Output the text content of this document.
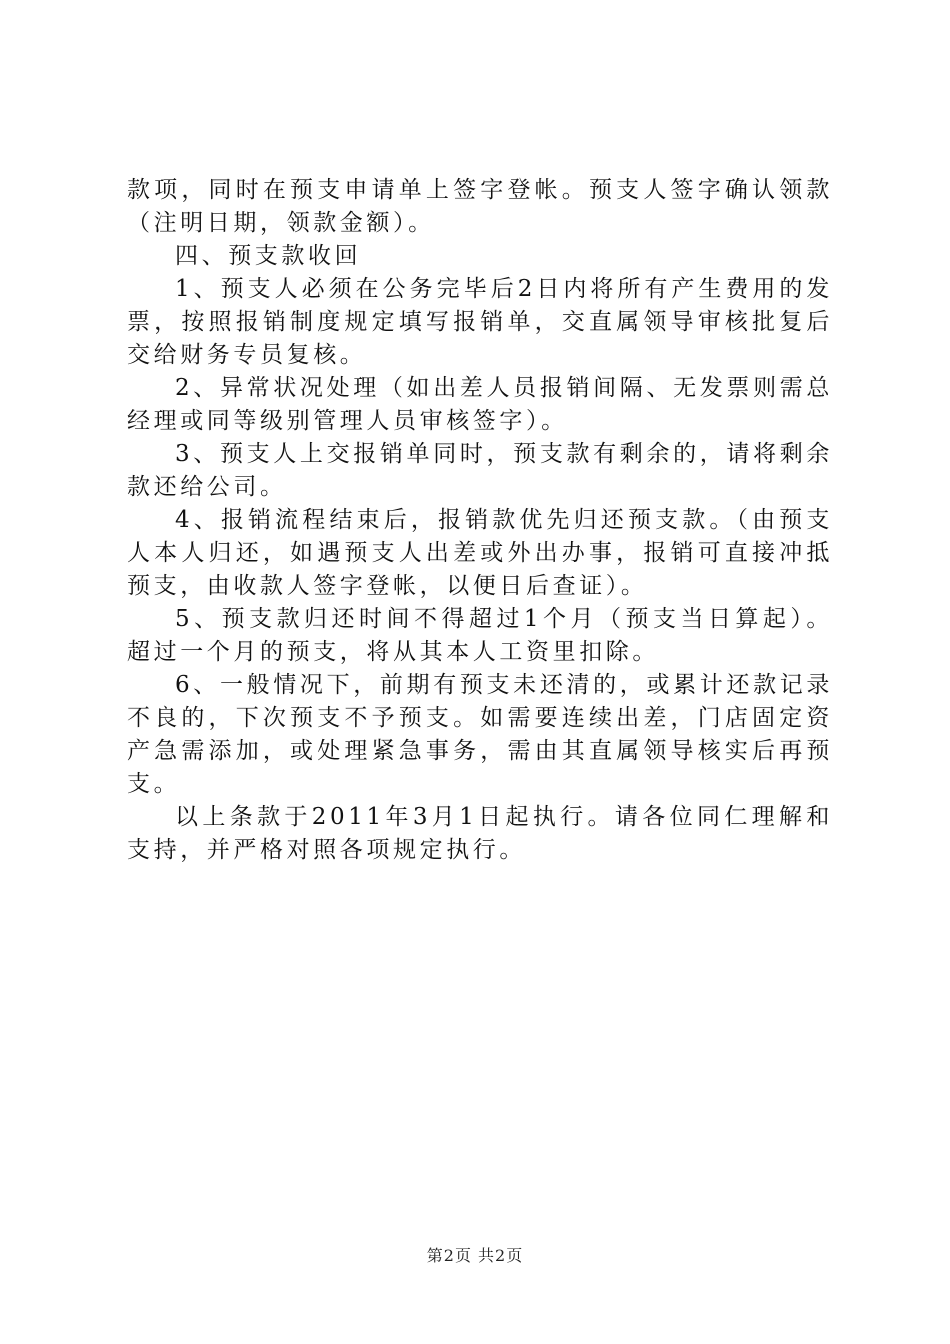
款项，同时在预支申请单上签字登帐。预支人签字确认领款（注明日期，领款金额）。

四、预支款收回

1、预支人必须在公务完毕后2日内将所有产生费用的发票，按照报销制度规定填写报销单，交直属领导审核批复后交给财务专员复核。

2、异常状况处理（如出差人员报销间隔、无发票则需总经理或同等级别管理人员审核签字）。

3、预支人上交报销单同时，预支款有剩余的，请将剩余款还给公司。

4、报销流程结束后，报销款优先归还预支款。（由预支人本人归还，如遇预支人出差或外出办事，报销可直接冲抵预支，由收款人签字登帐，以便日后查证）。

5、预支款归还时间不得超过1个月（预支当日算起）。超过一个月的预支，将从其本人工资里扣除。

6、一般情况下，前期有预支未还清的，或累计还款记录不良的，下次预支不予预支。如需要连续出差，门店固定资产急需添加，或处理紧急事务，需由其直属领导核实后再预支。

以上条款于2011年3月1日起执行。请各位同仁理解和支持，并严格对照各项规定执行。

第2页 共2页
